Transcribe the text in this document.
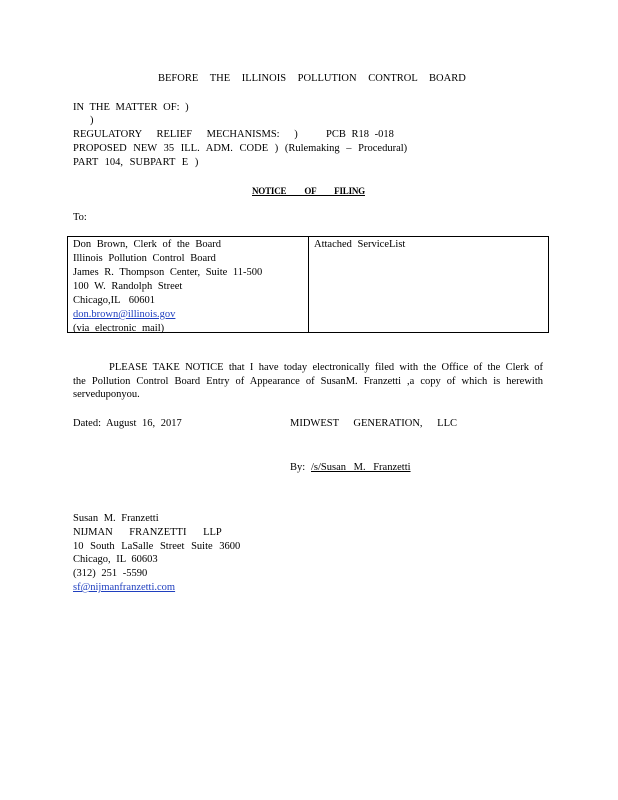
BEFORE THE ILLINOIS POLLUTION CONTROL BOARD
IN THE MATTER OF: )
)
REGULATORY RELIEF MECHANISMS: )	PCB R18 -018
PROPOSED NEW 35 ILL. ADM. CODE ) (Rulemaking – Procedural)
PART 104, SUBPART E )
NOTICE OF FILING
To:
Don Brown, Clerk of the Board
Illinois Pollution Control Board
James R. Thompson Center, Suite 11-500
100 W. Randolph Street
Chicago,IL 60601
don.brown@illinois.gov
(via electronic mail)
Attached ServiceList
PLEASE TAKE NOTICE that I have today electronically filed with the Office of the Clerk of the Pollution Control Board Entry of Appearance of SusanM. Franzetti ,a copy of which is herewith serveduponyou.
Dated: August 16, 2017	MIDWEST GENERATION, LLC
By: /s/Susan M. Franzetti
Susan M. Franzetti
NIJMAN FRANZETTI LLP
10 South LaSalle Street Suite 3600
Chicago, IL 60603
(312) 251 -5590
sf@nijmanfranzetti.com
